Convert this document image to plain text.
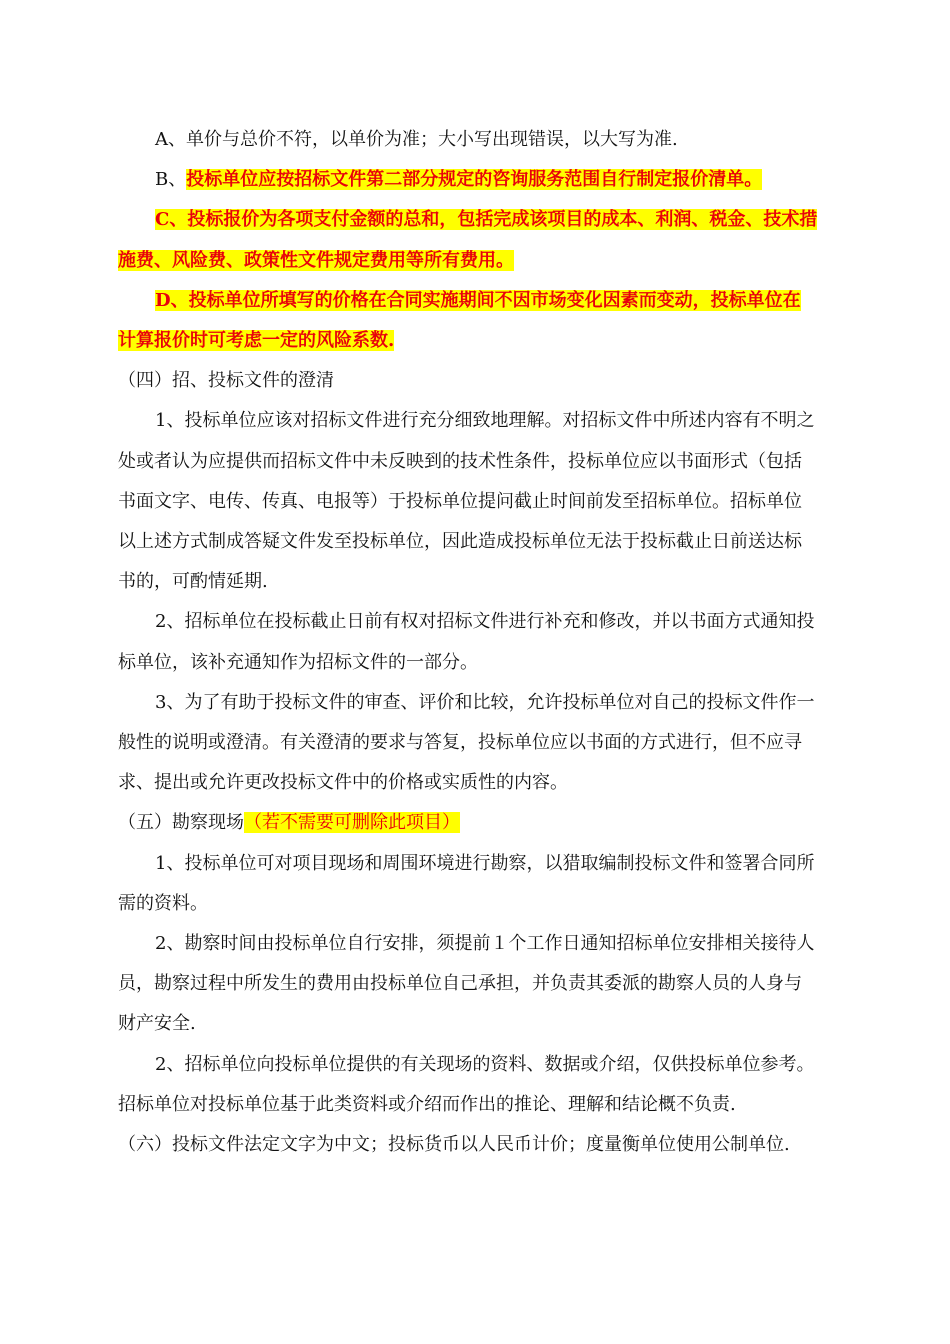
A、单价与总价不符，以单价为准；大小写出现错误，以大写为准.

B、投标单位应按招标文件第二部分规定的咨询服务范围自行制定报价清单。

C、投标报价为各项支付金额的总和，包括完成该项目的成本、利润、税金、技术措施费、风险费、政策性文件规定费用等所有费用。

D、投标单位所填写的价格在合同实施期间不因市场变化因素而变动，投标单位在计算报价时可考虑一定的风险系数.

（四）招、投标文件的澄清

1、投标单位应该对招标文件进行充分细致地理解。对招标文件中所述内容有不明之处或者认为应提供而招标文件中未反映到的技术性条件，投标单位应以书面形式（包括书面文字、电传、传真、电报等）于投标单位提问截止时间前发至招标单位。招标单位以上述方式制成答疑文件发至投标单位，因此造成投标单位无法于投标截止日前送达标书的，可酌情延期.

2、招标单位在投标截止日前有权对招标文件进行补充和修改，并以书面方式通知投标单位，该补充通知作为招标文件的一部分。

3、为了有助于投标文件的审查、评价和比较，允许投标单位对自己的投标文件作一般性的说明或澄清。有关澄清的要求与答复，投标单位应以书面的方式进行，但不应寻求、提出或允许更改投标文件中的价格或实质性的内容。

（五）勘察现场（若不需要可删除此项目）

1、投标单位可对项目现场和周围环境进行勘察，以猎取编制投标文件和签署合同所需的资料。

2、勘察时间由投标单位自行安排，须提前１个工作日通知招标单位安排相关接待人员，勘察过程中所发生的费用由投标单位自己承担，并负责其委派的勘察人员的人身与财产安全.

2、招标单位向投标单位提供的有关现场的资料、数据或介绍，仅供投标单位参考。招标单位对投标单位基于此类资料或介绍而作出的推论、理解和结论概不负责.

（六）投标文件法定文字为中文；投标货币以人民币计价；度量衡单位使用公制单位.
